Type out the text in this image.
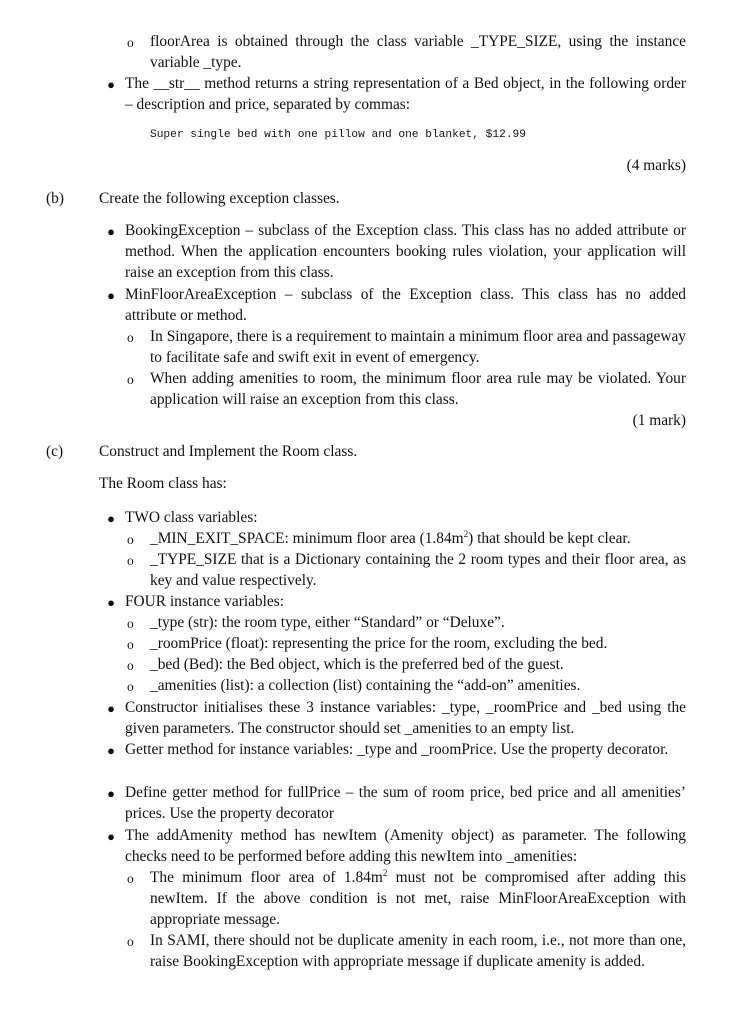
o floorArea is obtained through the class variable _TYPE_SIZE, using the instance variable _type.
● The __str__ method returns a string representation of a Bed object, in the following order – description and price, separated by commas:
Super single bed with one pillow and one blanket, $12.99
(4 marks)
(b) Create the following exception classes.
● BookingException – subclass of the Exception class. This class has no added attribute or method. When the application encounters booking rules violation, your application will raise an exception from this class.
● MinFloorAreaException – subclass of the Exception class. This class has no added attribute or method.
o In Singapore, there is a requirement to maintain a minimum floor area and passageway to facilitate safe and swift exit in event of emergency.
o When adding amenities to room, the minimum floor area rule may be violated. Your application will raise an exception from this class.
(1 mark)
(c) Construct and Implement the Room class.
The Room class has:
● TWO class variables:
o _MIN_EXIT_SPACE: minimum floor area $(1.84m^2)$ that should be kept clear.
o _TYPE_SIZE that is a Dictionary containing the 2 room types and their floor area, as key and value respectively.
● FOUR instance variables:
o _type (str): the room type, either “Standard” or “Deluxe”.
o _roomPrice (float): representing the price for the room, excluding the bed.
o _bed (Bed): the Bed object, which is the preferred bed of the guest.
o _amenities (list): a collection (list) containing the “add-on” amenities.
● Constructor initialises these 3 instance variables: _type, _roomPrice and _bed using the given parameters. The constructor should set _amenities to an empty list.
● Getter method for instance variables: _type and _roomPrice. Use the property decorator.
● Define getter method for fullPrice – the sum of room price, bed price and all amenities’ prices. Use the property decorator
● The addAmenity method has newItem (Amenity object) as parameter. The following checks need to be performed before adding this newItem into _amenities:
o The minimum floor area of $1.84m^2$ must not be compromised after adding this newItem. If the above condition is not met, raise MinFloorAreaException with appropriate message.
o In SAMI, there should not be duplicate amenity in each room, i.e., not more than one, raise BookingException with appropriate message if duplicate amenity is added.
